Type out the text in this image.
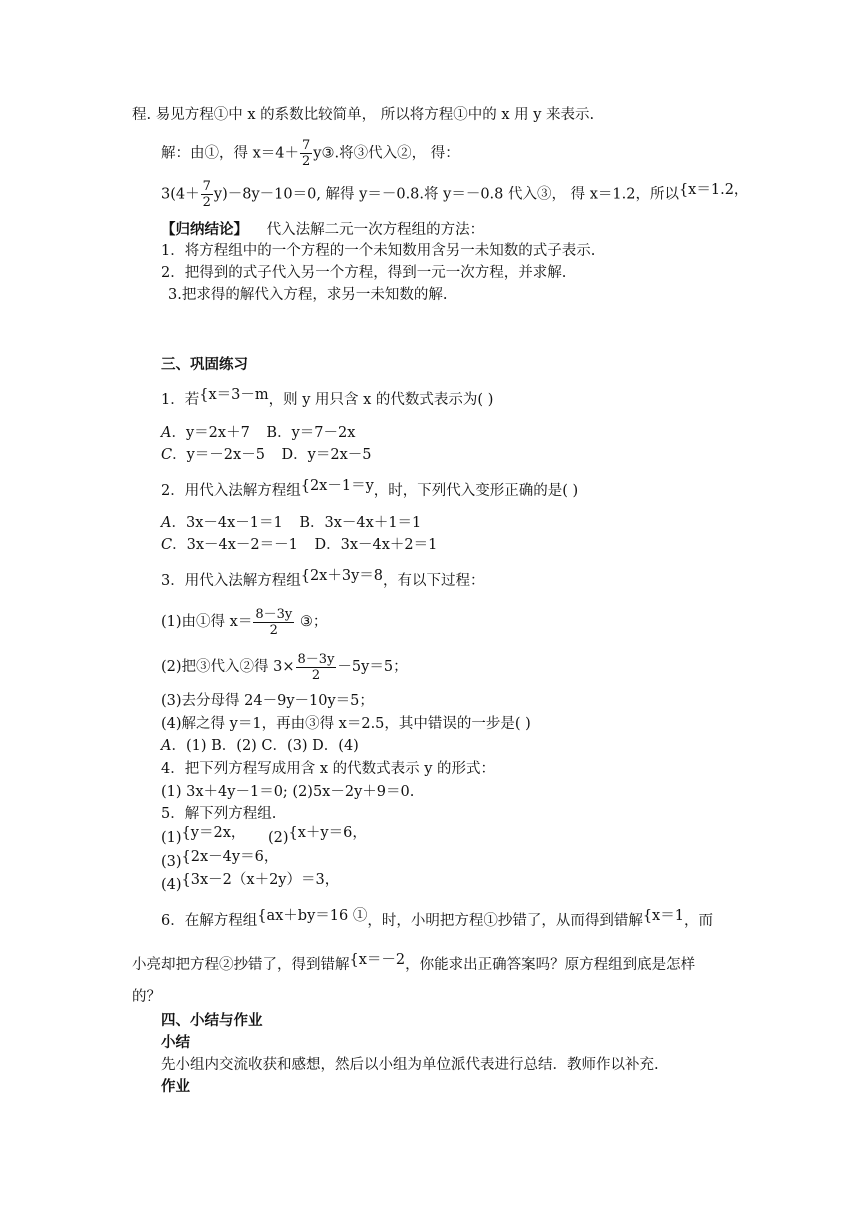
程. 易见方程①中 x 的系数比较简单， 所以将方程①中的 x 用 y 来表示.
解：由①，得 $x=4+ \frac{7}{2}$ y③.将③代入②， 得：
$3(4+ \frac{7}{2} y)-8y-10=0$, 解得 y＝－0.8.将 y＝－0.8 代入③， 得 x＝1.2，所以{x＝1.2，
【归纳结论】 代入法解二元一次方程组的方法：
1．将方程组中的一个方程的一个未知数用含另一未知数的式子表示.
2．把得到的式子代入另一个方程，得到一元一次方程，并求解.
3.把求得的解代入方程，求另一未知数的解.
三、巩固练习
1．若{x＝3－m，则 y 用只含 x 的代数式表示为( )
A．y＝2x＋7 B．y＝7－2x
C．y＝－2x－5 D．y＝2x－5
2．用代入法解方程组{2x－1＝y，时，下列代入变形正确的是( )
A．3x－4x－1＝1 B．3x－4x＋1＝1
C．3x－4x－2＝－1 D．3x－4x＋2＝1
3．用代入法解方程组{2x＋3y＝8，有以下过程：
(1)由①得 $x= \frac{8-3y}{2}$ ③；
(2)把③代入②得 $3\times \frac{8-3y}{2} -5y=5$；
(3)去分母得 24－9y－10y＝5；
(4)解之得 y＝1，再由③得 x＝2.5，其中错误的一步是( )
A．(1) B．(2) C．(3) D．(4)
4．把下列方程写成用含 x 的代数式表示 y 的形式：
(1) 3x＋4y－1＝0; (2)5x－2y＋9＝0.
5．解下列方程组.
(1){y＝2x， (2){x＋y＝6，
(3){2x－4y＝6，
(4){3x－2（x＋2y）＝3，
6．在解方程组{ax＋by＝16 ①，时，小明把方程①抄错了，从而得到错解{x＝1，而
小亮却把方程②抄错了，得到错解{x＝－2，你能求出正确答案吗？原方程组到底是怎样
的？
四、小结与作业
小结
先小组内交流收获和感想，然后以小组为单位派代表进行总结．教师作以补充.
作业
